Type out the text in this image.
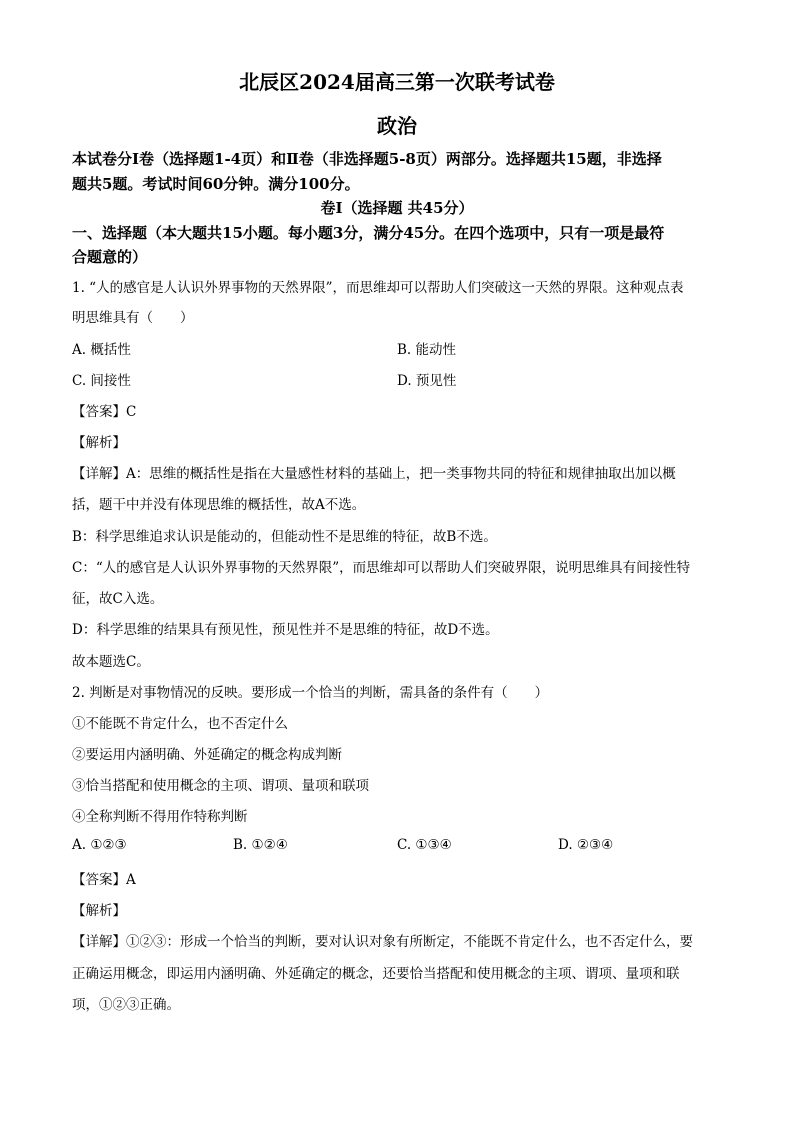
北辰区2024届高三第一次联考试卷
政治
本试卷分Ⅰ卷（选择题1-4页）和Ⅱ卷（非选择题5-8页）两部分。选择题共15题，非选择
题共5题。考试时间60分钟。满分100分。
卷Ⅰ（选择题 共45分）
一、选择题（本大题共15小题。每小题3分，满分45分。在四个选项中，只有一项是最符
合题意的）
1. “人的感官是人认识外界事物的天然界限”，而思维却可以帮助人们突破这一天然的界限。这种观点表
明思维具有（　　）
A. 概括性	B. 能动性
C. 间接性	D. 预见性
【答案】C
【解析】
【详解】A：思维的概括性是指在大量感性材料的基础上，把一类事物共同的特征和规律抽取出加以概
括，题干中并没有体现思维的概括性，故A不选。
B：科学思维追求认识是能动的，但能动性不是思维的特征，故B不选。
C：“人的感官是人认识外界事物的天然界限”，而思维却可以帮助人们突破界限，说明思维具有间接性特
征，故C入选。
D：科学思维的结果具有预见性，预见性并不是思维的特征，故D不选。
故本题选C。
2. 判断是对事物情况的反映。要形成一个恰当的判断，需具备的条件有（　　）
①不能既不肯定什么，也不否定什么
②要运用内涵明确、外延确定的概念构成判断
③恰当搭配和使用概念的主项、谓项、量项和联项
④全称判断不得用作特称判断
A. ①②③	B. ①②④	C. ①③④	D. ②③④
【答案】A
【解析】
【详解】①②③：形成一个恰当的判断，要对认识对象有所断定，不能既不肯定什么，也不否定什么，要
正确运用概念，即运用内涵明确、外延确定的概念，还要恰当搭配和使用概念的主项、谓项、量项和联
项，①②③正确。
